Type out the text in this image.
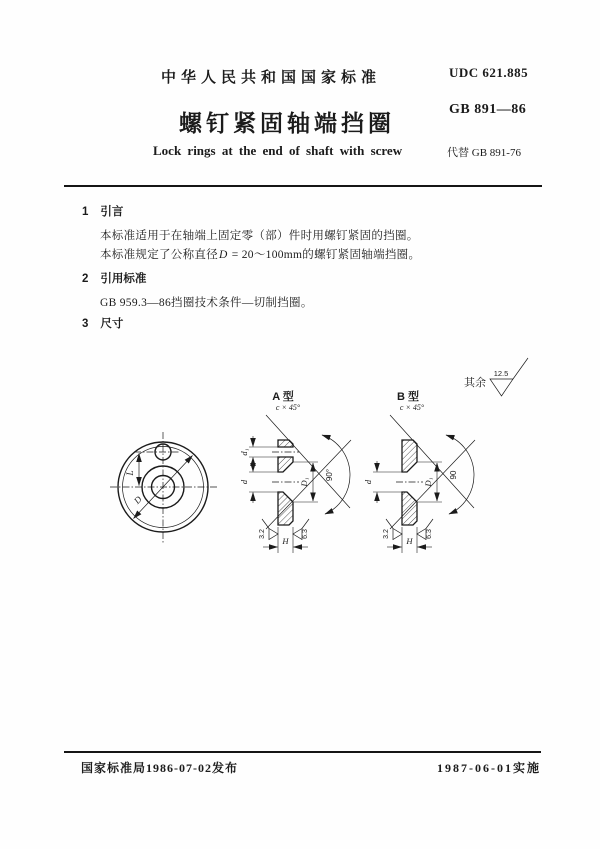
中华人民共和国国家标准	UDC 621.885
螺钉紧固轴端挡圈
GB 891—86
Lock rings at the end of shaft with screw	代替 GB 891-76
1 引言
本标准适用于在轴端上固定零（部）件时用螺钉紧固的挡圈。
本标准规定了公称直径D = 20～100mm的螺钉紧固轴端挡圈。
2 引用标准
GB 959.3—86挡圈技术条件—切制挡圈。
3 尺寸
L
D
A 型
c × 45°
90°
d₁
d	D₁
H
3.2	6.3
B 型
c × 45°
90
d	D₁
H
3.2	6.3
其余
12.5
国家标准局1986-07-02发布	1987-06-01实施
